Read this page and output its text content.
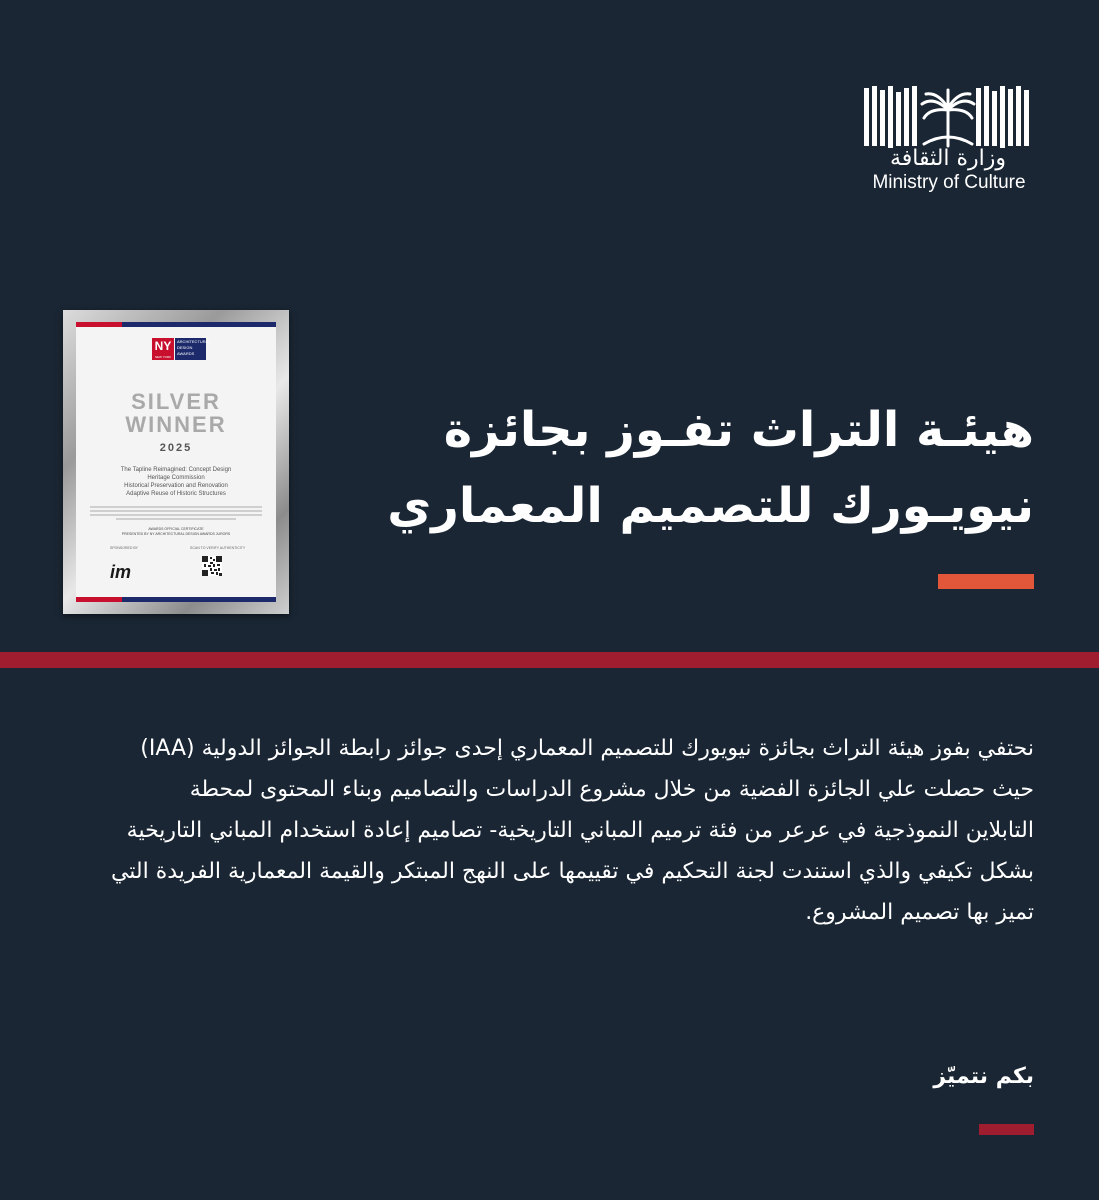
وزارة الثقافة
Ministry of Culture
NY
NEW YORK
ARCHITECTURAL
DESIGN
AWARDS
SILVER
WINNER
2025
The Tapline Reimagined: Concept Design
Heritage Commission
Historical Preservation and Renovation
Adaptive Reuse of Historic Structures
AWARDS OFFICIAL CERTIFICATE
PRESENTED BY NY ARCHITECTURAL DESIGN AWARDS JURORS
SPONSORED BY	SCAN TO VERIFY AUTHENTICITY
im
هيئـة التراث تفـوز بجائزة
نيويـورك للتصميم المعماري
نحتفي بفوز هيئة التراث بجائزة نيويورك للتصميم المعماري إحدى جوائز رابطة الجوائز الدولية (IAA)
حيث حصلت علي الجائزة الفضية من خلال مشروع الدراسات والتصاميم وبناء المحتوى لمحطة
التابلاين النموذجية في عرعر من فئة ترميم المباني التاريخية- تصاميم إعادة استخدام المباني التاريخية
بشكل تكيفي والذي استندت لجنة التحكيم في تقييمها على النهج المبتكر والقيمة المعمارية الفريدة التي
تميز بها تصميم المشروع.
بكم نتميّز
